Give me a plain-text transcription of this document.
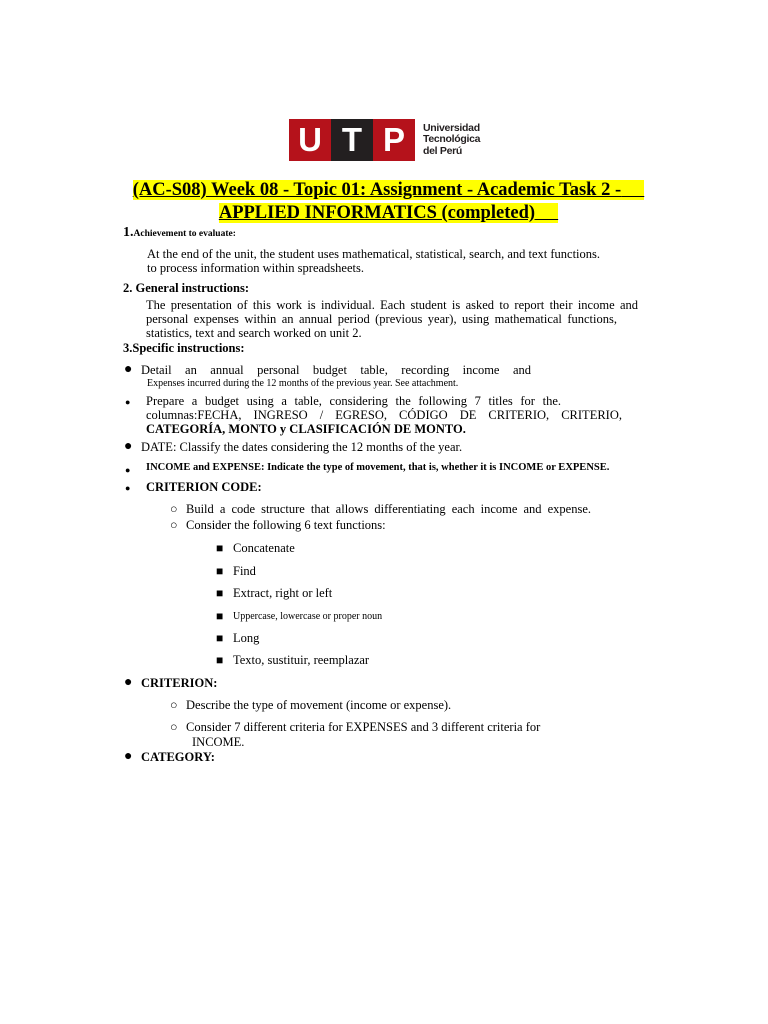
U T P	Universidad
Tecnológica
del Perú
(AC-S08) Week 08 - Topic 01: Assignment - Academic Task 2 -
APPLIED INFORMATICS (completed)
1.Achievement to evaluate:
At the end of the unit, the student uses mathematical, statistical, search, and text functions.
to process information within spreadsheets.
2. General instructions:
The presentation of this work is individual. Each student is asked to report their income and
personal expenses within an annual period (previous year), using mathematical functions,
statistics, text and search worked on unit 2.
3.Specific instructions:
● Detail an annual personal budget table, recording income and
Expenses incurred during the 12 months of the previous year. See attachment.
● Prepare a budget using a table, considering the following 7 titles for the.
columnas:FECHA, INGRESO / EGRESO, CÓDIGO DE CRITERIO, CRITERIO,
CATEGORÍA, MONTO y CLASIFICACIÓN DE MONTO.
● DATE: Classify the dates considering the 12 months of the year.
● INCOME and EXPENSE: Indicate the type of movement, that is, whether it is INCOME or EXPENSE.
● CRITERION CODE:
○ Build a code structure that allows differentiating each income and expense.
○ Consider the following 6 text functions:
■ Concatenate
■ Find
■ Extract, right or left
■ Uppercase, lowercase or proper noun
■ Long
■ Texto, sustituir, reemplazar
● CRITERION:
○ Describe the type of movement (income or expense).
○ Consider 7 different criteria for EXPENSES and 3 different criteria for
INCOME.
● CATEGORY:
